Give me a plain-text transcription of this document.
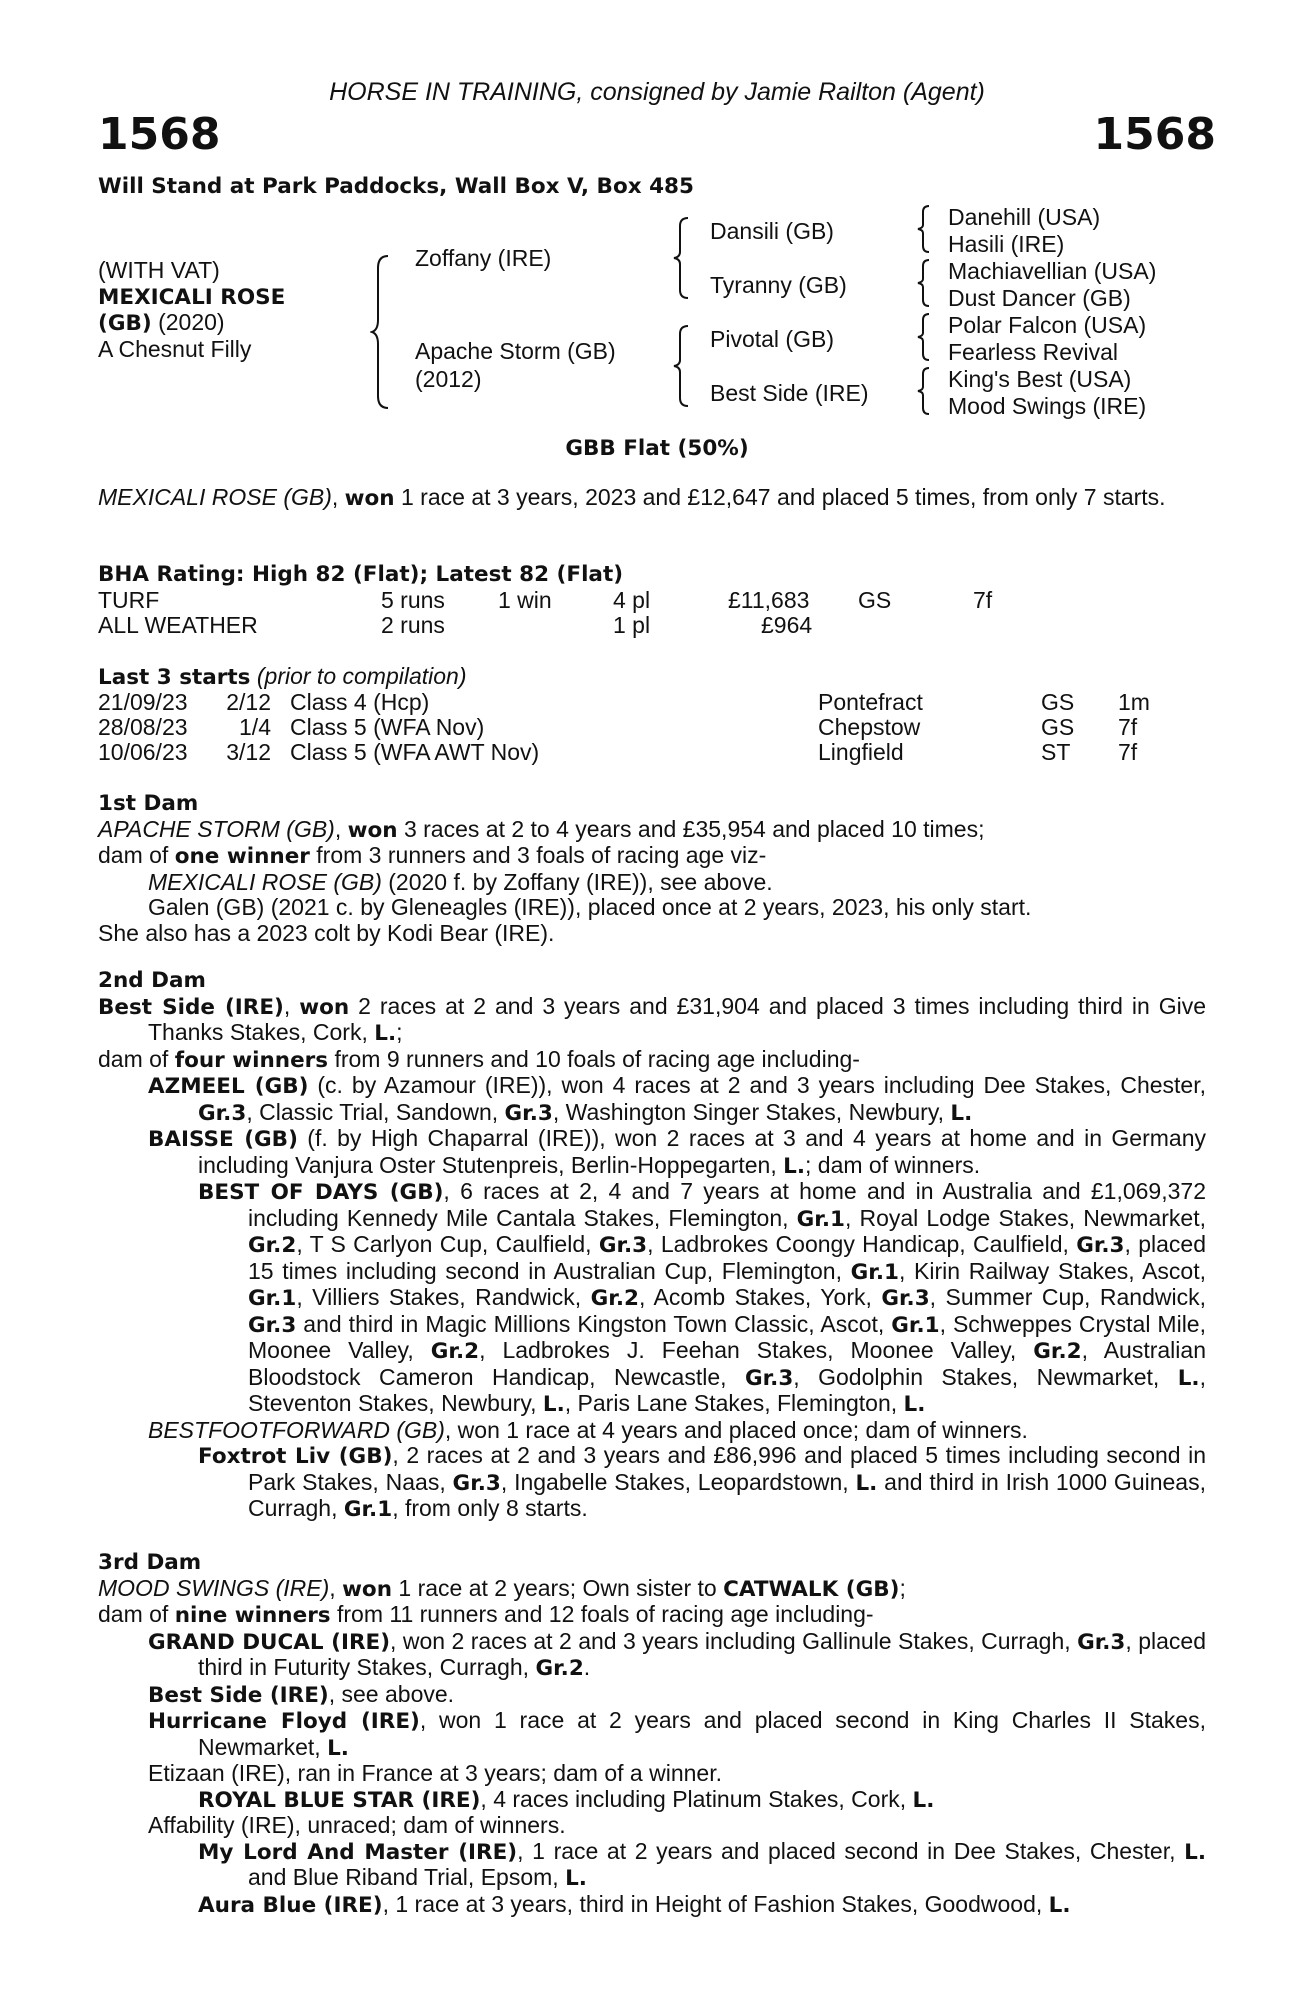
HORSE IN TRAINING, consigned by Jamie Railton (Agent)
1568	1568
Will Stand at Park Paddocks, Wall Box V, Box 485
(WITH VAT)
MEXICALI ROSE
(GB) (2020)
A Chesnut Filly
Zoffany (IRE)
Apache Storm (GB)
(2012)
Dansili (GB)
Tyranny (GB)
Pivotal (GB)
Best Side (IRE)
Danehill (USA)
Hasili (IRE)
Machiavellian (USA)
Dust Dancer (GB)
Polar Falcon (USA)
Fearless Revival
King's Best (USA)
Mood Swings (IRE)
GBB Flat (50%)
MEXICALI ROSE (GB), won 1 race at 3 years, 2023 and £12,647 and placed 5 times, from only 7 starts.
BHA Rating: High 82 (Flat); Latest 82 (Flat)
TURF	5 runs 1 win	4 pl	£11,683 GS	7f
ALL WEATHER	2 runs	1 pl	£964
Last 3 starts (prior to compilation)
21/09/23 2/12 Class 4 (Hcp)	Pontefract	GS 1m
28/08/23	1/4 Class 5 (WFA Nov)	Chepstow	GS 7f
10/06/23 3/12 Class 5 (WFA AWT Nov)	Lingfield	ST 7f
1st Dam
APACHE STORM (GB), won 3 races at 2 to 4 years and £35,954 and placed 10 times;
dam of one winner from 3 runners and 3 foals of racing age viz-
MEXICALI ROSE (GB) (2020 f. by Zoffany (IRE)), see above.
Galen (GB) (2021 c. by Gleneagles (IRE)), placed once at 2 years, 2023, his only start.
She also has a 2023 colt by Kodi Bear (IRE).
2nd Dam
Best Side (IRE), won 2 races at 2 and 3 years and £31,904 and placed 3 times including third in Give Thanks Stakes, Cork, L.;
dam of four winners from 9 runners and 10 foals of racing age including-
AZMEEL (GB) (c. by Azamour (IRE)), won 4 races at 2 and 3 years including Dee Stakes, Chester, Gr.3, Classic Trial, Sandown, Gr.3, Washington Singer Stakes, Newbury, L.
BAISSE (GB) (f. by High Chaparral (IRE)), won 2 races at 3 and 4 years at home and in Germany including Vanjura Oster Stutenpreis, Berlin-Hoppegarten, L.; dam of winners.
BEST OF DAYS (GB), 6 races at 2, 4 and 7 years at home and in Australia and £1,069,372 including Kennedy Mile Cantala Stakes, Flemington, Gr.1, Royal Lodge Stakes, Newmarket, Gr.2, T S Carlyon Cup, Caulfield, Gr.3, Ladbrokes Coongy Handicap, Caulfield, Gr.3, placed 15 times including second in Australian Cup, Flemington, Gr.1, Kirin Railway Stakes, Ascot, Gr.1, Villiers Stakes, Randwick, Gr.2, Acomb Stakes, York, Gr.3, Summer Cup, Randwick, Gr.3 and third in Magic Millions Kingston Town Classic, Ascot, Gr.1, Schweppes Crystal Mile, Moonee Valley, Gr.2, Ladbrokes J. Feehan Stakes, Moonee Valley, Gr.2, Australian Bloodstock Cameron Handicap, Newcastle, Gr.3, Godolphin Stakes, Newmarket, L., Steventon Stakes, Newbury, L., Paris Lane Stakes, Flemington, L.
BESTFOOTFORWARD (GB), won 1 race at 4 years and placed once; dam of winners.
Foxtrot Liv (GB), 2 races at 2 and 3 years and £86,996 and placed 5 times including second in Park Stakes, Naas, Gr.3, Ingabelle Stakes, Leopardstown, L. and third in Irish 1000 Guineas, Curragh, Gr.1, from only 8 starts.
3rd Dam
MOOD SWINGS (IRE), won 1 race at 2 years; Own sister to CATWALK (GB);
dam of nine winners from 11 runners and 12 foals of racing age including-
GRAND DUCAL (IRE), won 2 races at 2 and 3 years including Gallinule Stakes, Curragh, Gr.3, placed third in Futurity Stakes, Curragh, Gr.2.
Best Side (IRE), see above.
Hurricane Floyd (IRE), won 1 race at 2 years and placed second in King Charles II Stakes, Newmarket, L.
Etizaan (IRE), ran in France at 3 years; dam of a winner.
ROYAL BLUE STAR (IRE), 4 races including Platinum Stakes, Cork, L.
Affability (IRE), unraced; dam of winners.
My Lord And Master (IRE), 1 race at 2 years and placed second in Dee Stakes, Chester, L. and Blue Riband Trial, Epsom, L.
Aura Blue (IRE), 1 race at 3 years, third in Height of Fashion Stakes, Goodwood, L.
